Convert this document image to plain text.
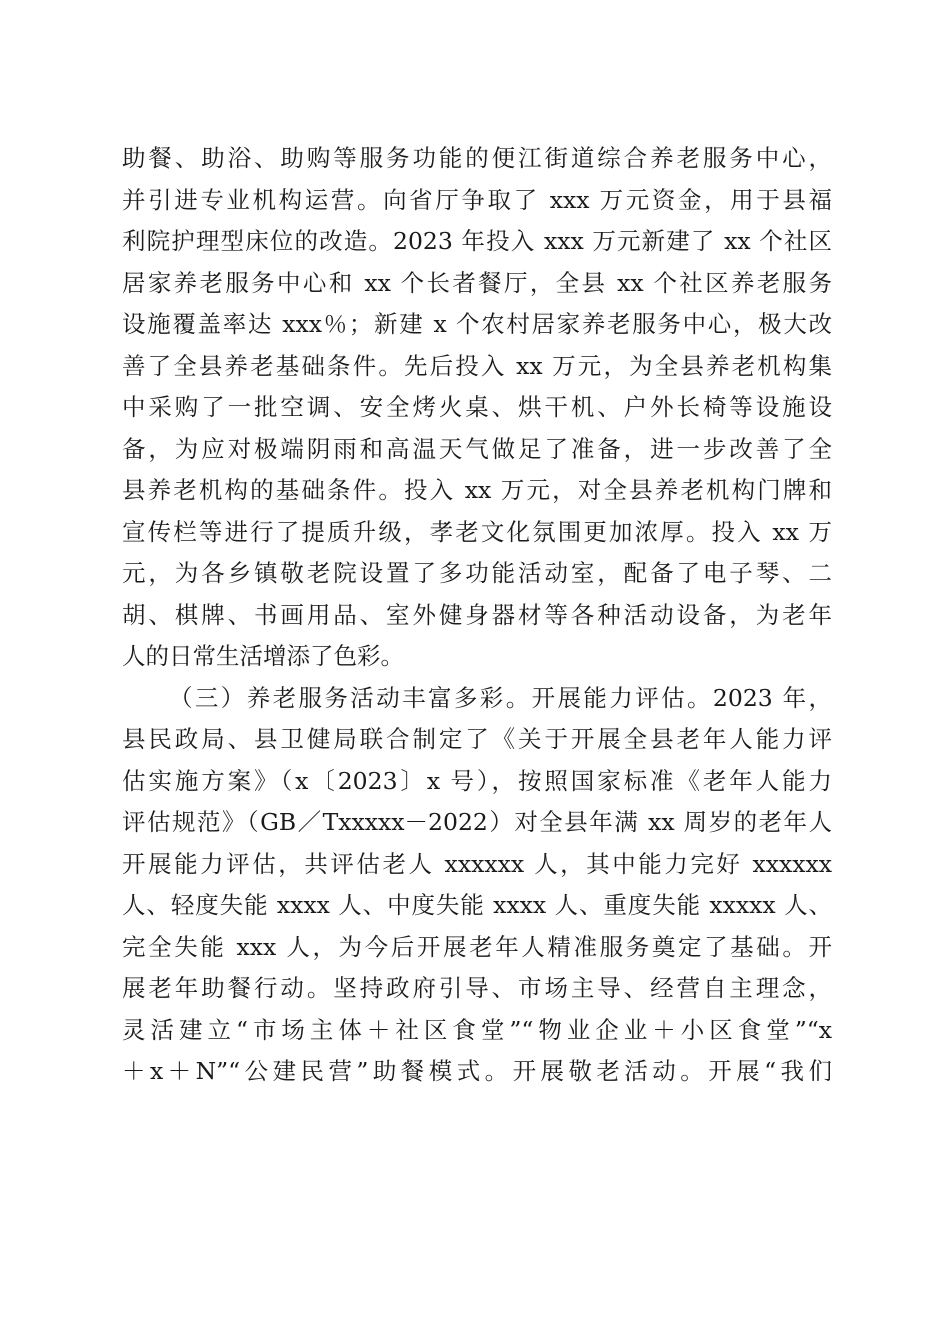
助餐、助浴、助购等服务功能的便江街道综合养老服务中心，
并引进专业机构运营。向省厅争取了 xxx 万元资金，用于县福
利院护理型床位的改造。2023 年投入 xxx 万元新建了 xx 个社区
居家养老服务中心和 xx 个长者餐厅，全县 xx 个社区养老服务
设施覆盖率达 xxx％；新建 x 个农村居家养老服务中心，极大改
善了全县养老基础条件。先后投入 xx 万元，为全县养老机构集
中采购了一批空调、安全烤火桌、烘干机、户外长椅等设施设
备，为应对极端阴雨和高温天气做足了准备，进一步改善了全
县养老机构的基础条件。投入 xx 万元，对全县养老机构门牌和
宣传栏等进行了提质升级，孝老文化氛围更加浓厚。投入 xx 万
元，为各乡镇敬老院设置了多功能活动室，配备了电子琴、二
胡、棋牌、书画用品、室外健身器材等各种活动设备，为老年
人的日常生活增添了色彩。
（三）养老服务活动丰富多彩。开展能力评估。2023 年，
县民政局、县卫健局联合制定了《关于开展全县老年人能力评
估实施方案》（x〔2023〕x 号），按照国家标准《老年人能力
评估规范》（GB／Txxxxx－2022）对全县年满 xx 周岁的老年人
开展能力评估，共评估老人 xxxxxx 人，其中能力完好 xxxxxx
人、轻度失能 xxxx 人、中度失能 xxxx 人、重度失能 xxxxx 人、
完全失能 xxx 人，为今后开展老年人精准服务奠定了基础。开
展老年助餐行动。坚持政府引导、市场主导、经营自主理念，
灵活建立“市场主体＋社区食堂”“物业企业＋小区食堂”“x
＋x＋N”“公建民营”助餐模式。开展敬老活动。开展“我们
